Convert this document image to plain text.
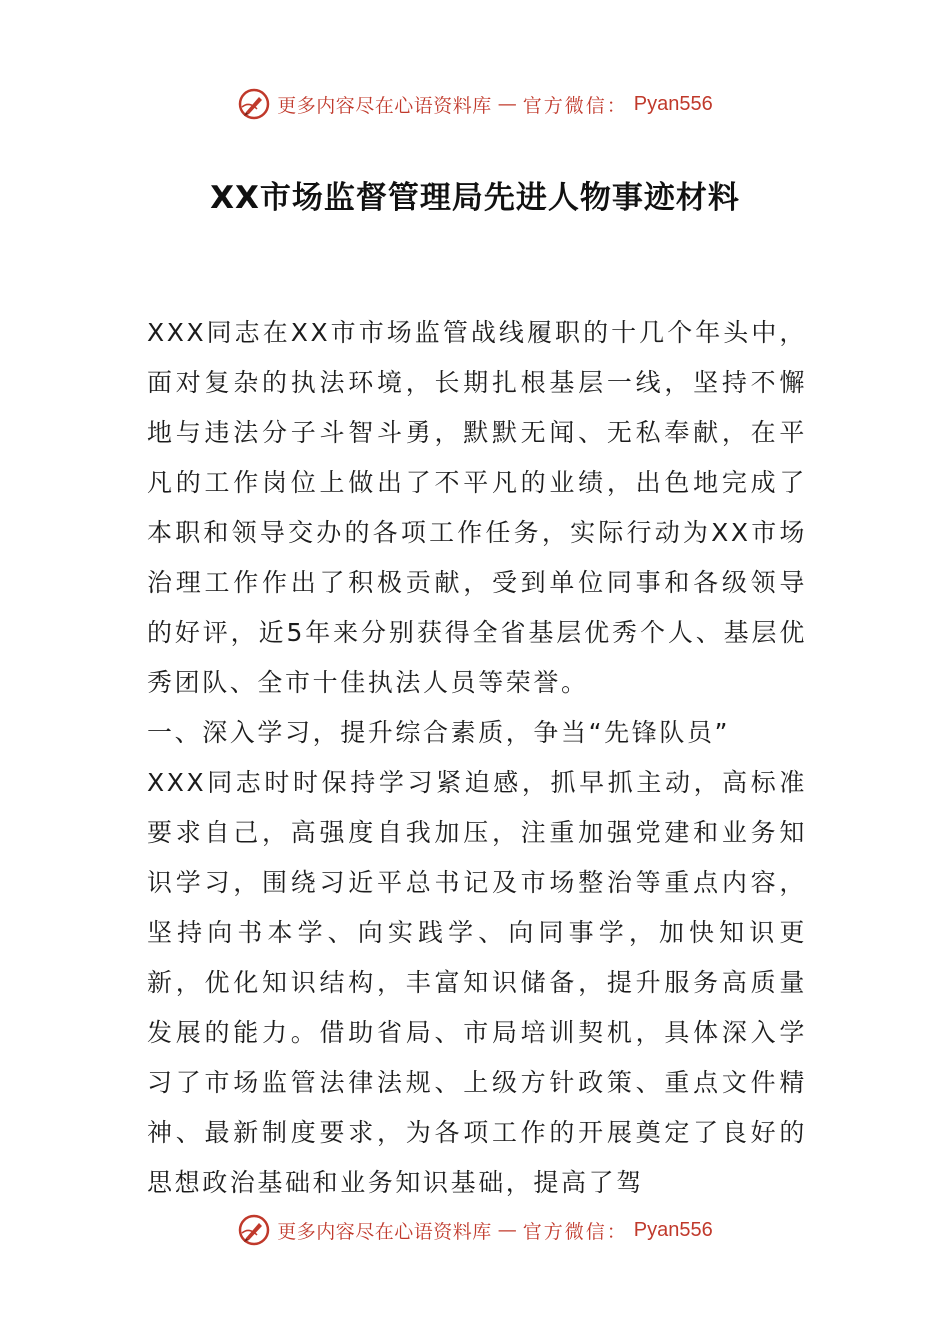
更多内容尽在心语资料库 — 官方微信： Pyan556
XX市场监督管理局先进人物事迹材料

XXX同志在XX市市场监管战线履职的十几个年头中，面对复杂的执法环境，长期扎根基层一线，坚持不懈地与违法分子斗智斗勇，默默无闻、无私奉献，在平凡的工作岗位上做出了不平凡的业绩，出色地完成了本职和领导交办的各项工作任务，实际行动为XX市场治理工作作出了积极贡献，受到单位同事和各级领导的好评，近5年来分别获得全省基层优秀个人、基层优秀团队、全市十佳执法人员等荣誉。

一、深入学习，提升综合素质，争当“先锋队员”

XXX同志时时保持学习紧迫感，抓早抓主动，高标准要求自己，高强度自我加压，注重加强党建和业务知识学习，围绕习近平总书记及市场整治等重点内容，坚持向书本学、向实践学、向同事学，加快知识更新，优化知识结构，丰富知识储备，提升服务高质量发展的能力。借助省局、市局培训契机，具体深入学习了市场监管法律法规、上级方针政策、重点文件精神、最新制度要求，为各项工作的开展奠定了良好的思想政治基础和业务知识基础，提高了驾

更多内容尽在心语资料库 — 官方微信： Pyan556
